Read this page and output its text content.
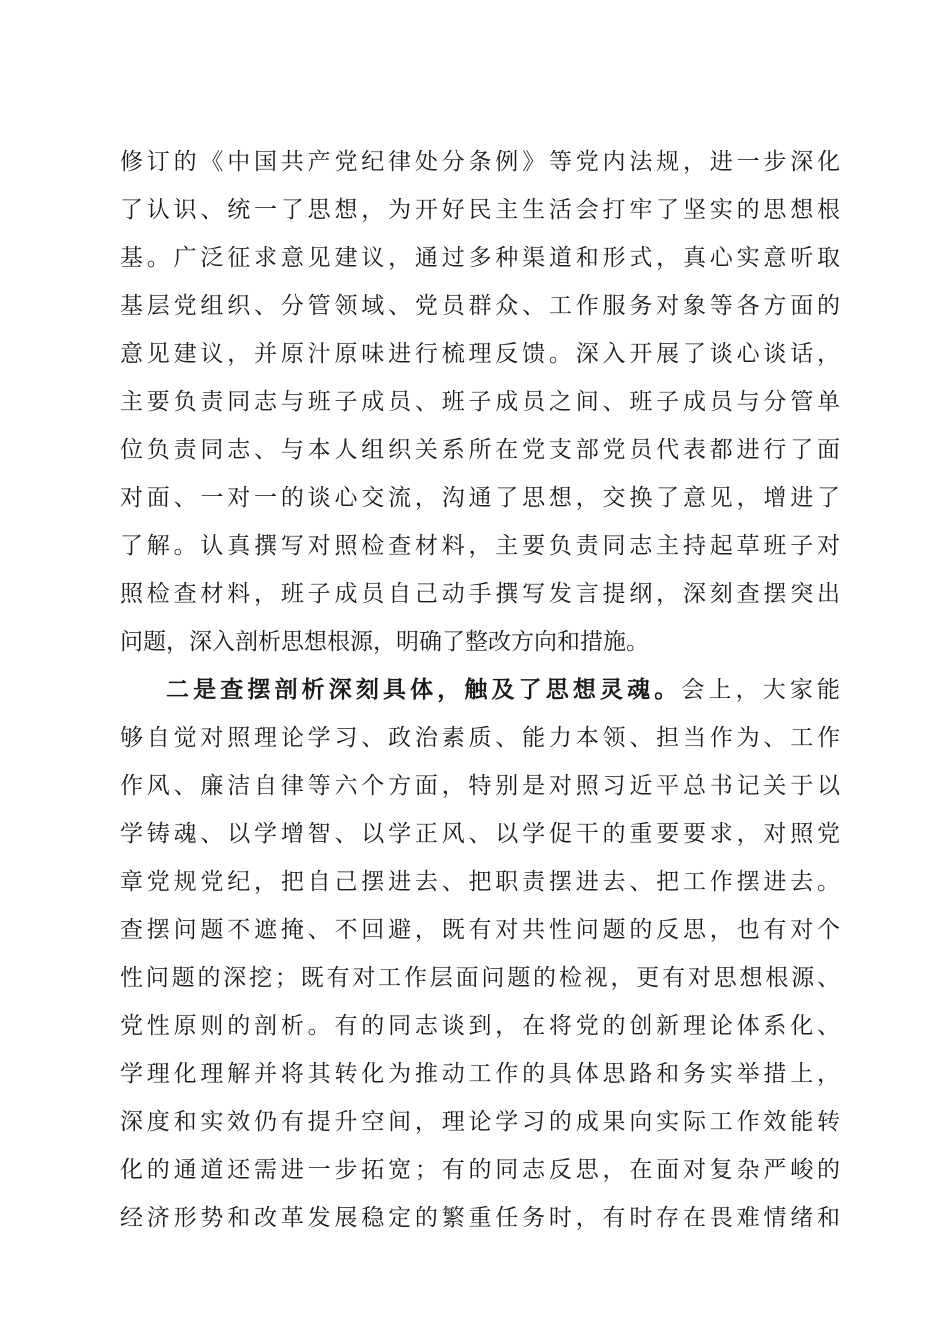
修订的《中国共产党纪律处分条例》等党内法规，进一步深化
了认识、统一了思想，为开好民主生活会打牢了坚实的思想根
基。广泛征求意见建议，通过多种渠道和形式，真心实意听取
基层党组织、分管领域、党员群众、工作服务对象等各方面的
意见建议，并原汁原味进行梳理反馈。深入开展了谈心谈话，
主要负责同志与班子成员、班子成员之间、班子成员与分管单
位负责同志、与本人组织关系所在党支部党员代表都进行了面
对面、一对一的谈心交流，沟通了思想，交换了意见，增进了
了解。认真撰写对照检查材料，主要负责同志主持起草班子对
照检查材料，班子成员自己动手撰写发言提纲，深刻查摆突出
问题，深入剖析思想根源，明确了整改方向和措施。
二是查摆剖析深刻具体，触及了思想灵魂。会上，大家能
够自觉对照理论学习、政治素质、能力本领、担当作为、工作
作风、廉洁自律等六个方面，特别是对照习近平总书记关于以
学铸魂、以学增智、以学正风、以学促干的重要要求，对照党
章党规党纪，把自己摆进去、把职责摆进去、把工作摆进去。
查摆问题不遮掩、不回避，既有对共性问题的反思，也有对个
性问题的深挖；既有对工作层面问题的检视，更有对思想根源、
党性原则的剖析。有的同志谈到，在将党的创新理论体系化、
学理化理解并将其转化为推动工作的具体思路和务实举措上，
深度和实效仍有提升空间，理论学习的成果向实际工作效能转
化的通道还需进一步拓宽；有的同志反思，在面对复杂严峻的
经济形势和改革发展稳定的繁重任务时，有时存在畏难情绪和
